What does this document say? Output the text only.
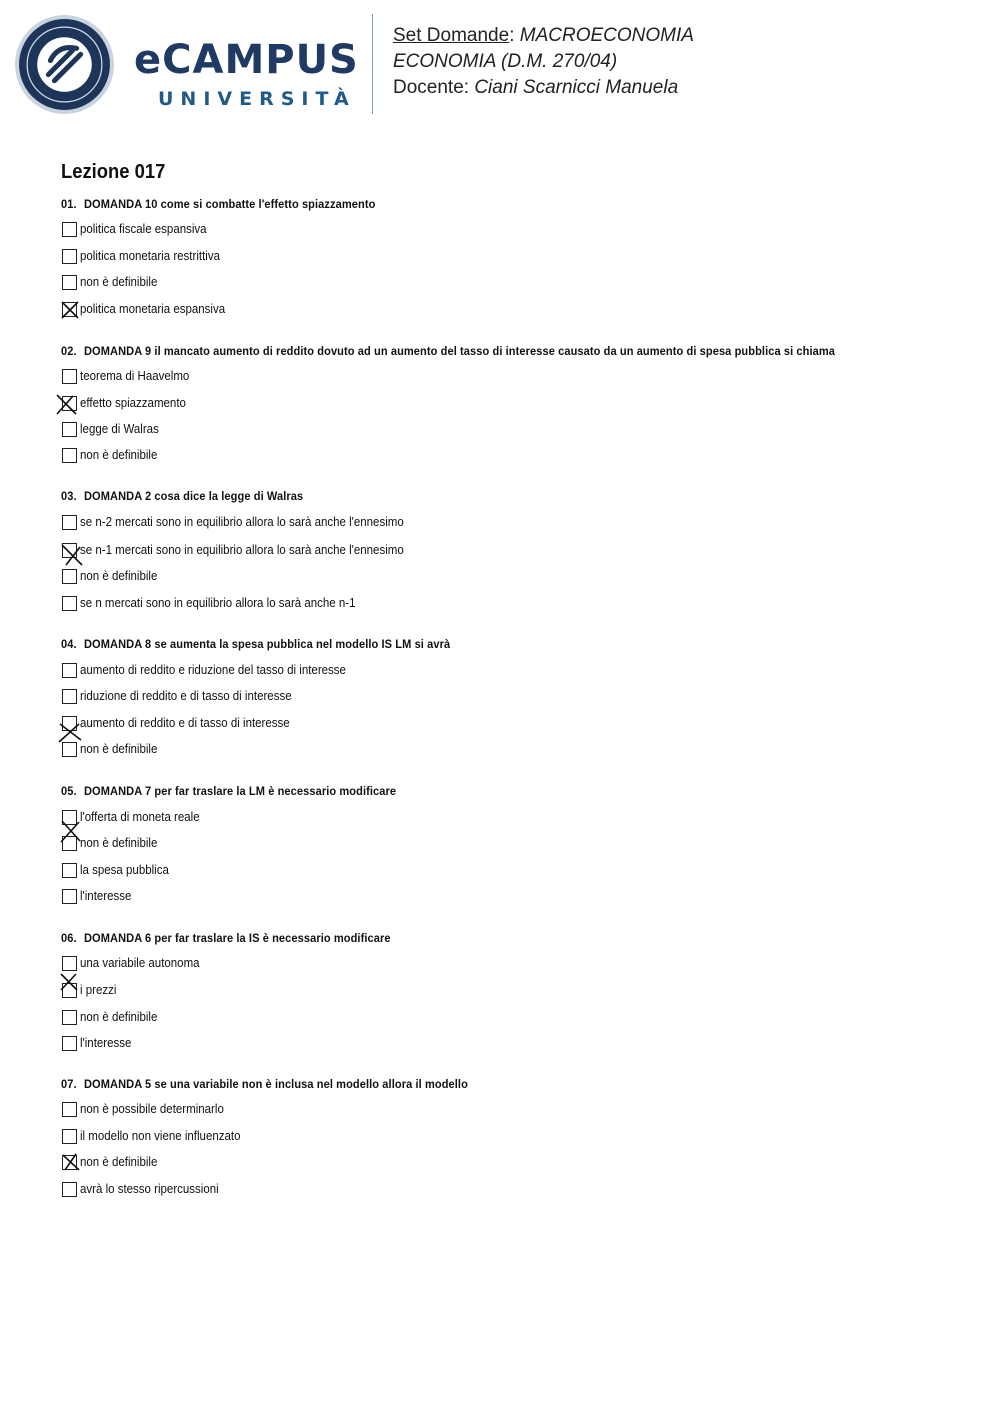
eCAMPUS
UNIVERSITÀ
Set Domande: MACROECONOMIA
ECONOMIA (D.M. 270/04)
Docente: Ciani Scarnicci Manuela
Lezione 017
01. DOMANDA 10 come si combatte l'effetto spiazzamento
politica fiscale espansiva
politica monetaria restrittiva
non è definibile
politica monetaria espansiva
02. DOMANDA 9 il mancato aumento di reddito dovuto ad un aumento del tasso di interesse causato da un aumento di spesa pubblica si chiama
teorema di Haavelmo
effetto spiazzamento
legge di Walras
non è definibile
03. DOMANDA 2 cosa dice la legge di Walras
se n-2 mercati sono in equilibrio allora lo sarà anche l'ennesimo
se n-1 mercati sono in equilibrio allora lo sarà anche l'ennesimo
non è definibile
se n mercati sono in equilibrio allora lo sarà anche n-1
04. DOMANDA 8 se aumenta la spesa pubblica nel modello IS LM si avrà
aumento di reddito e riduzione del tasso di interesse
riduzione di reddito e di tasso di interesse
aumento di reddito e di tasso di interesse
non è definibile
05. DOMANDA 7 per far traslare la LM è necessario modificare
l'offerta di moneta reale
non è definibile
la spesa pubblica
l'interesse
06. DOMANDA 6 per far traslare la IS è necessario modificare
una variabile autonoma
i prezzi
non è definibile
l'interesse
07. DOMANDA 5 se una variabile non è inclusa nel modello allora il modello
non è possibile determinarlo
il modello non viene influenzato
non è definibile
avrà lo stesso ripercussioni
